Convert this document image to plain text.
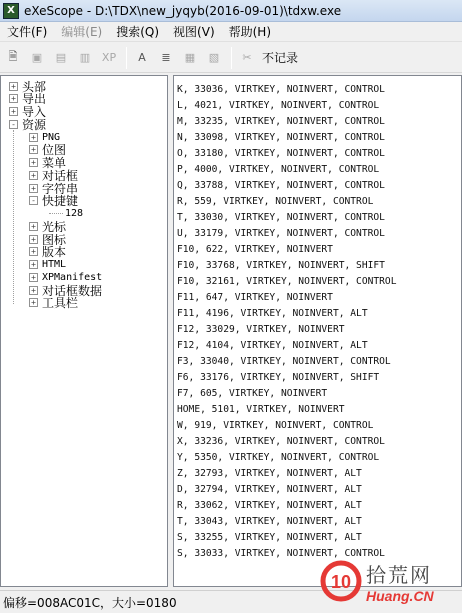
X eXeScope - D:\TDX\new_jyqyb(2016-09-01)\tdxw.exe
文件(F)	编辑(E)	搜索(Q)	视图(V)	帮助(H)
🗎	▣	▤	▥	XP	A	≣	▦	▧	✂ 不记录
+ 头部
+ 导出
+ 导入
- 资源
+ PNG
+ 位图
+ 菜单
+ 对话框
+ 字符串
- 快捷键
128
+ 光标
+ 图标
+ 版本
+ HTML
+ XPManifest
+ 对话框数据
+ 工具栏
K, 33036, VIRTKEY, NOINVERT, CONTROL
L, 4021, VIRTKEY, NOINVERT, CONTROL
M, 33235, VIRTKEY, NOINVERT, CONTROL
N, 33098, VIRTKEY, NOINVERT, CONTROL
O, 33180, VIRTKEY, NOINVERT, CONTROL
P, 4000, VIRTKEY, NOINVERT, CONTROL
Q, 33788, VIRTKEY, NOINVERT, CONTROL
R, 559, VIRTKEY, NOINVERT, CONTROL
T, 33030, VIRTKEY, NOINVERT, CONTROL
U, 33179, VIRTKEY, NOINVERT, CONTROL
F10, 622, VIRTKEY, NOINVERT
F10, 33768, VIRTKEY, NOINVERT, SHIFT
F10, 32161, VIRTKEY, NOINVERT, CONTROL
F11, 647, VIRTKEY, NOINVERT
F11, 4196, VIRTKEY, NOINVERT, ALT
F12, 33029, VIRTKEY, NOINVERT
F12, 4104, VIRTKEY, NOINVERT, ALT
F3, 33040, VIRTKEY, NOINVERT, CONTROL
F6, 33176, VIRTKEY, NOINVERT, SHIFT
F7, 605, VIRTKEY, NOINVERT
HOME, 5101, VIRTKEY, NOINVERT
W, 919, VIRTKEY, NOINVERT, CONTROL
X, 33236, VIRTKEY, NOINVERT, CONTROL
Y, 5350, VIRTKEY, NOINVERT, CONTROL
Z, 32793, VIRTKEY, NOINVERT, ALT
D, 32794, VIRTKEY, NOINVERT, ALT
R, 33062, VIRTKEY, NOINVERT, ALT
T, 33043, VIRTKEY, NOINVERT, ALT
S, 33255, VIRTKEY, NOINVERT, ALT
S, 33033, VIRTKEY, NOINVERT, CONTROL
偏移=008AC01C，大小=0180
10 拾荒网
Huang.CN
